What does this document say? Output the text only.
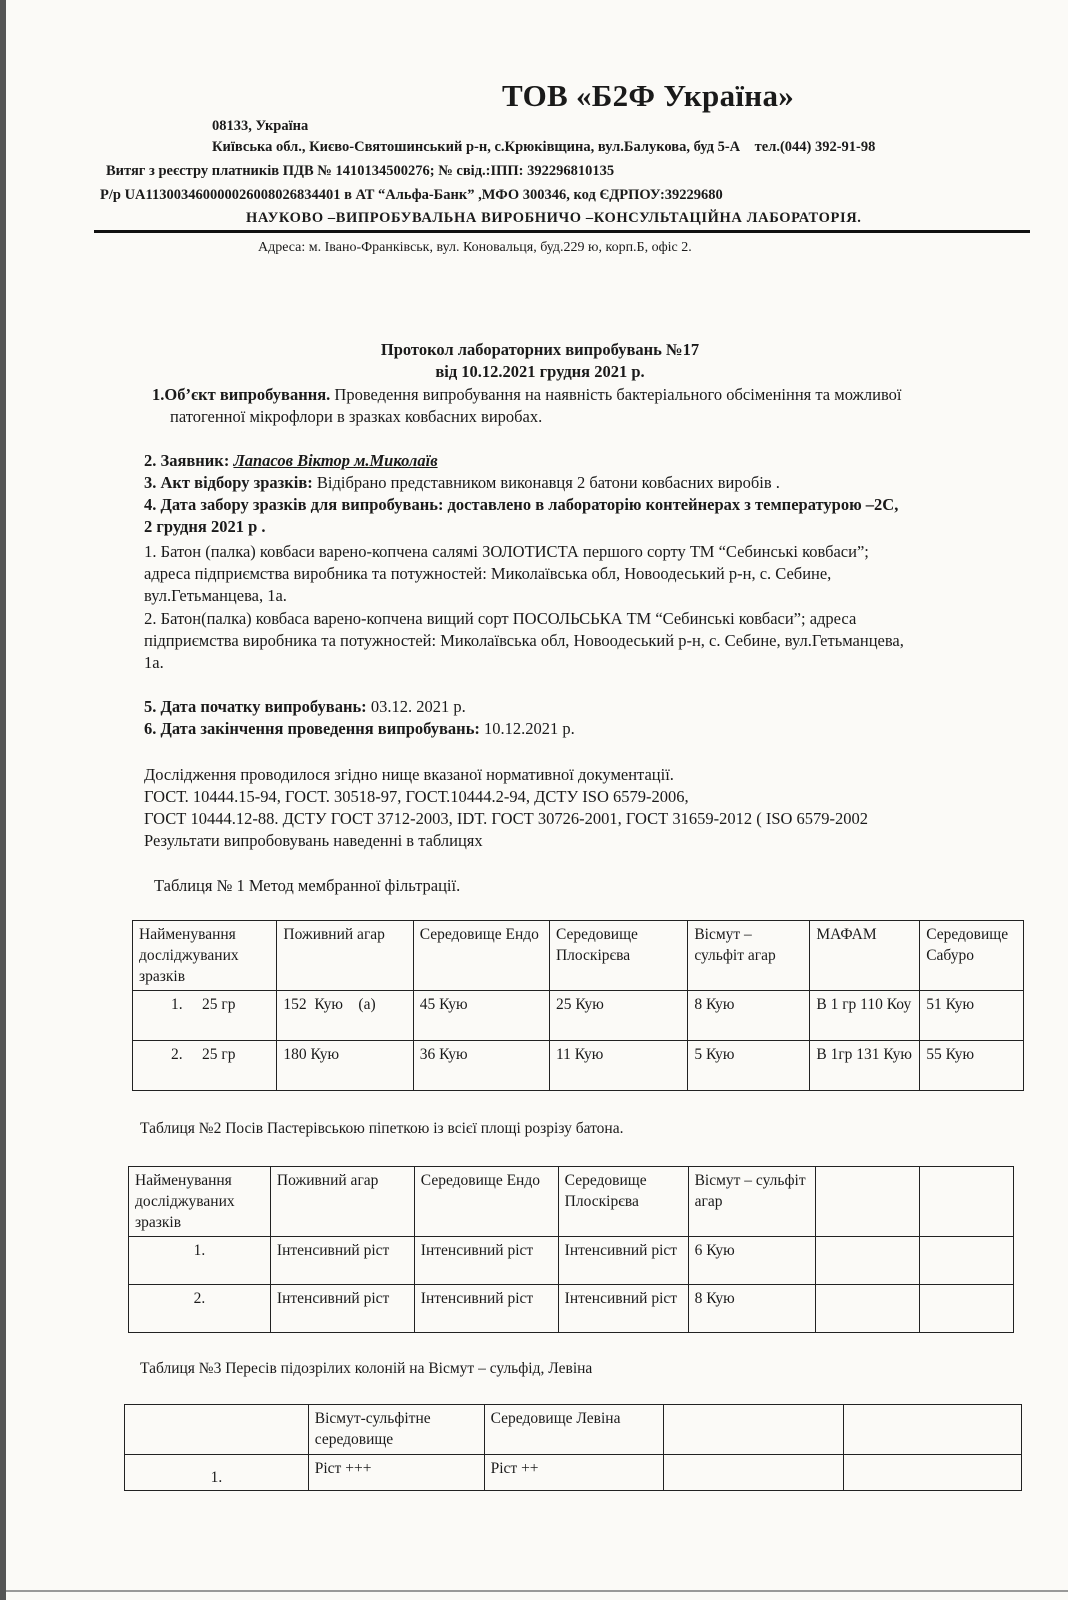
ТОВ «Б2Ф Україна»
08133, Україна
Київська обл., Києво-Святошинський р-н, с.Крюківщина, вул.Балукова, буд 5-А    тел.(044) 392-91-98
Витяг з реєстру платників ПДВ № 1410134500276; № свід.:ІПП: 392296810135
Р/р UA113003460000026008026834401 в АТ “Альфа-Банк” ,МФО 300346, код ЄДРПОУ:39229680
НАУКОВО –ВИПРОБУВАЛЬНА ВИРОБНИЧО –КОНСУЛЬТАЦІЙНА ЛАБОРАТОРІЯ.
Адреса: м. Івано-Франківськ, вул. Коновальця, буд.229 ю, корп.Б, офіс 2.
Протокол лабораторних випробувань №17
від 10.12.2021 грудня 2021 р.
1.Об’єкт випробування. Проведення випробування на наявність бактеріального обсіменіння та можливої
патогенної мікрофлори в зразках ковбасних виробах.
2. Заявник: Лапасов Віктор м.Миколаїв
3. Акт відбору зразків: Відібрано представником виконавця 2 батони ковбасних виробів .
4. Дата забору зразків для випробувань: доставлено в лабораторію контейнерах з температурою –2С,
2 грудня 2021 р .
1. Батон (палка) ковбаси варено-копчена салямі ЗОЛОТИСТА першого сорту ТМ “Себинські ковбаси”;
адреса підприємства виробника та потужностей: Миколаївська обл, Новоодеський р-н, с. Себине,
вул.Гетьманцева, 1а.
2. Батон(палка) ковбаса варено-копчена вищий сорт ПОСОЛЬСЬКА ТМ “Себинські ковбаси”; адреса
підприємства виробника та потужностей: Миколаївська обл, Новоодеський р-н, с. Себине, вул.Гетьманцева,
1а.
5. Дата початку випробувань: 03.12. 2021 р.
6. Дата закінчення проведення випробувань: 10.12.2021 р.
Дослідження проводилося згідно нище вказаної нормативної документації.
ГОСТ. 10444.15-94, ГОСТ. 30518-97, ГОСТ.10444.2-94, ДСТУ ISO 6579-2006,
ГОСТ 10444.12-88. ДСТУ ГОСТ 3712-2003, IDT. ГОСТ 30726-2001, ГОСТ 31659-2012 ( ISO 6579-2002
Результати випробовувань наведенні в таблицях
Таблиця № 1 Метод мембранної фільтрації.
Найменування досліджуваних зразків	Поживний агар	Середовище Ендо	Середовище Плоскірєва	Вісмут – сульфіт агар	МАФАМ	Середовище Сабуро
1.     25 гр	152  Кую    (а)	45 Кую	25 Кую	8 Кую	В 1 гр 110 Коу	51 Кую
2.     25 гр	180 Кую	36 Кую	11 Кую	5 Кую	В 1гр 131 Кую	55 Кую
Таблиця №2 Посів Пастерівською піпеткою із всієї площі розрізу батона.
Найменування досліджуваних зразків	Поживний агар	Середовище Ендо	Середовище Плоскірєва	Вісмут – сульфіт агар		
1.	Інтенсивний ріст	Інтенсивний ріст	Інтенсивний ріст	6 Кую		
2.	Інтенсивний ріст	Інтенсивний ріст	Інтенсивний ріст	8 Кую		
Таблиця №3 Пересів підозрілих колоній на Вісмут – сульфід, Левіна
	Вісмут-сульфітне середовище	Середовище Левіна		
1.	Ріст +++	Ріст ++		
